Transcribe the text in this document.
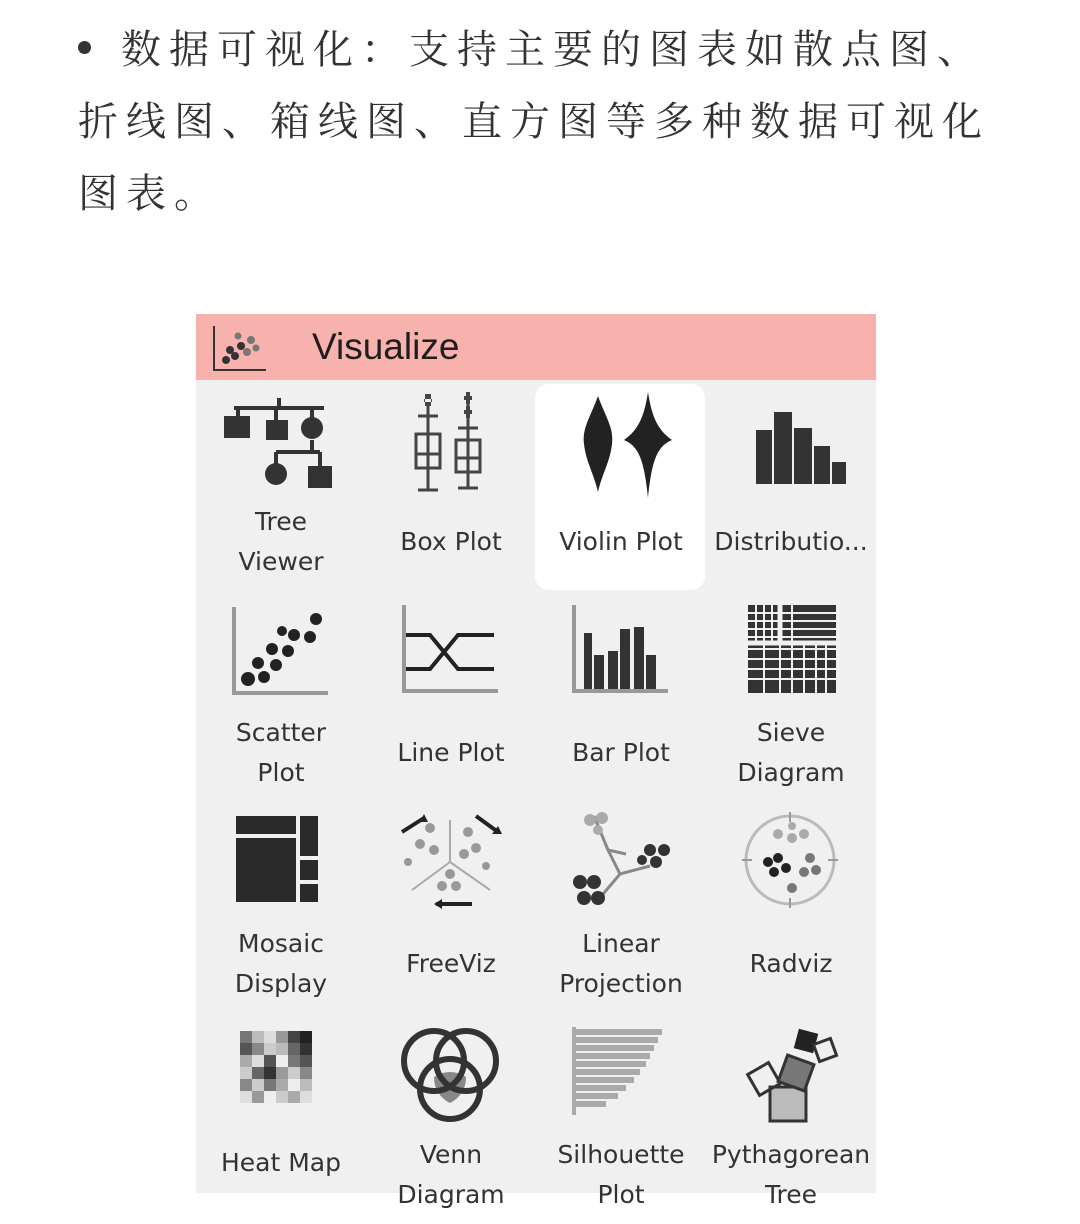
数据可视化：支持主要的图表如散点图、折线图、箱线图、直方图等多种数据可视化图表。
Visualize
Tree
Viewer
Box Plot	Violin Plot	Distributio...
Scatter
Plot
Line Plot	Bar Plot
Sieve
Diagram
Mosaic
Display
FreeViz
Linear
Projection
Radviz
Heat Map	Venn
Diagram
Silhouette
Plot
Pythagorean
Tree
